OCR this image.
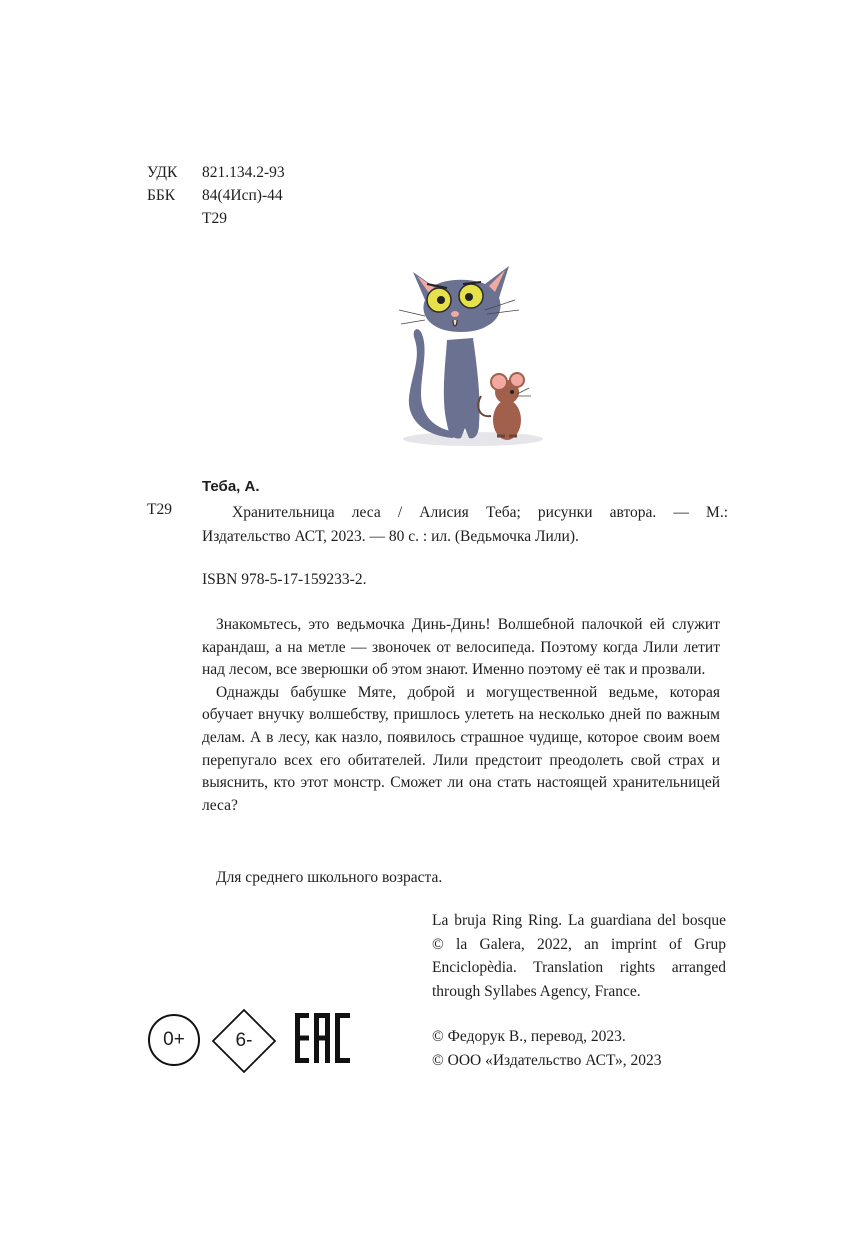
УДК 821.134.2-93
ББК 84(4Исп)-44
Т29
Теба, А.
Т29	Хранительница леса / Алисия Теба; рисунки автора. — М.:

Издательство АСТ, 2023. — 80 с. : ил. (Ведьмочка Лили).

ISBN 978-5-17-159233-2.

Знакомьтесь, это ведьмочка Динь-Динь! Волшебной палочкой ей служит карандаш, а на метле — звоночек от велосипеда. Поэтому когда Лили летит над лесом, все зверюшки об этом знают. Именно поэтому её так и прозвали.

Однажды бабушке Мяте, доброй и могущественной ведьме, которая обучает внучку волшебству, пришлось улететь на несколько дней по важным делам. А в лесу, как назло, появилось страшное чудище, которое своим воем перепугало всех его обитателей. Лили предстоит преодолеть свой страх и выяснить, кто этот монстр. Сможет ли она стать настоящей хранительницей леса?

Для среднего школьного возраста.

La bruja Ring Ring. La guardiana del bosque © la Galera, 2022, an imprint of Grup Enciclopèdia. Translation rights arranged through Syllabes Agency, France.

© Федорук В., перевод, 2023.
© ООО «Издательство АСТ», 2023
0+	6-
